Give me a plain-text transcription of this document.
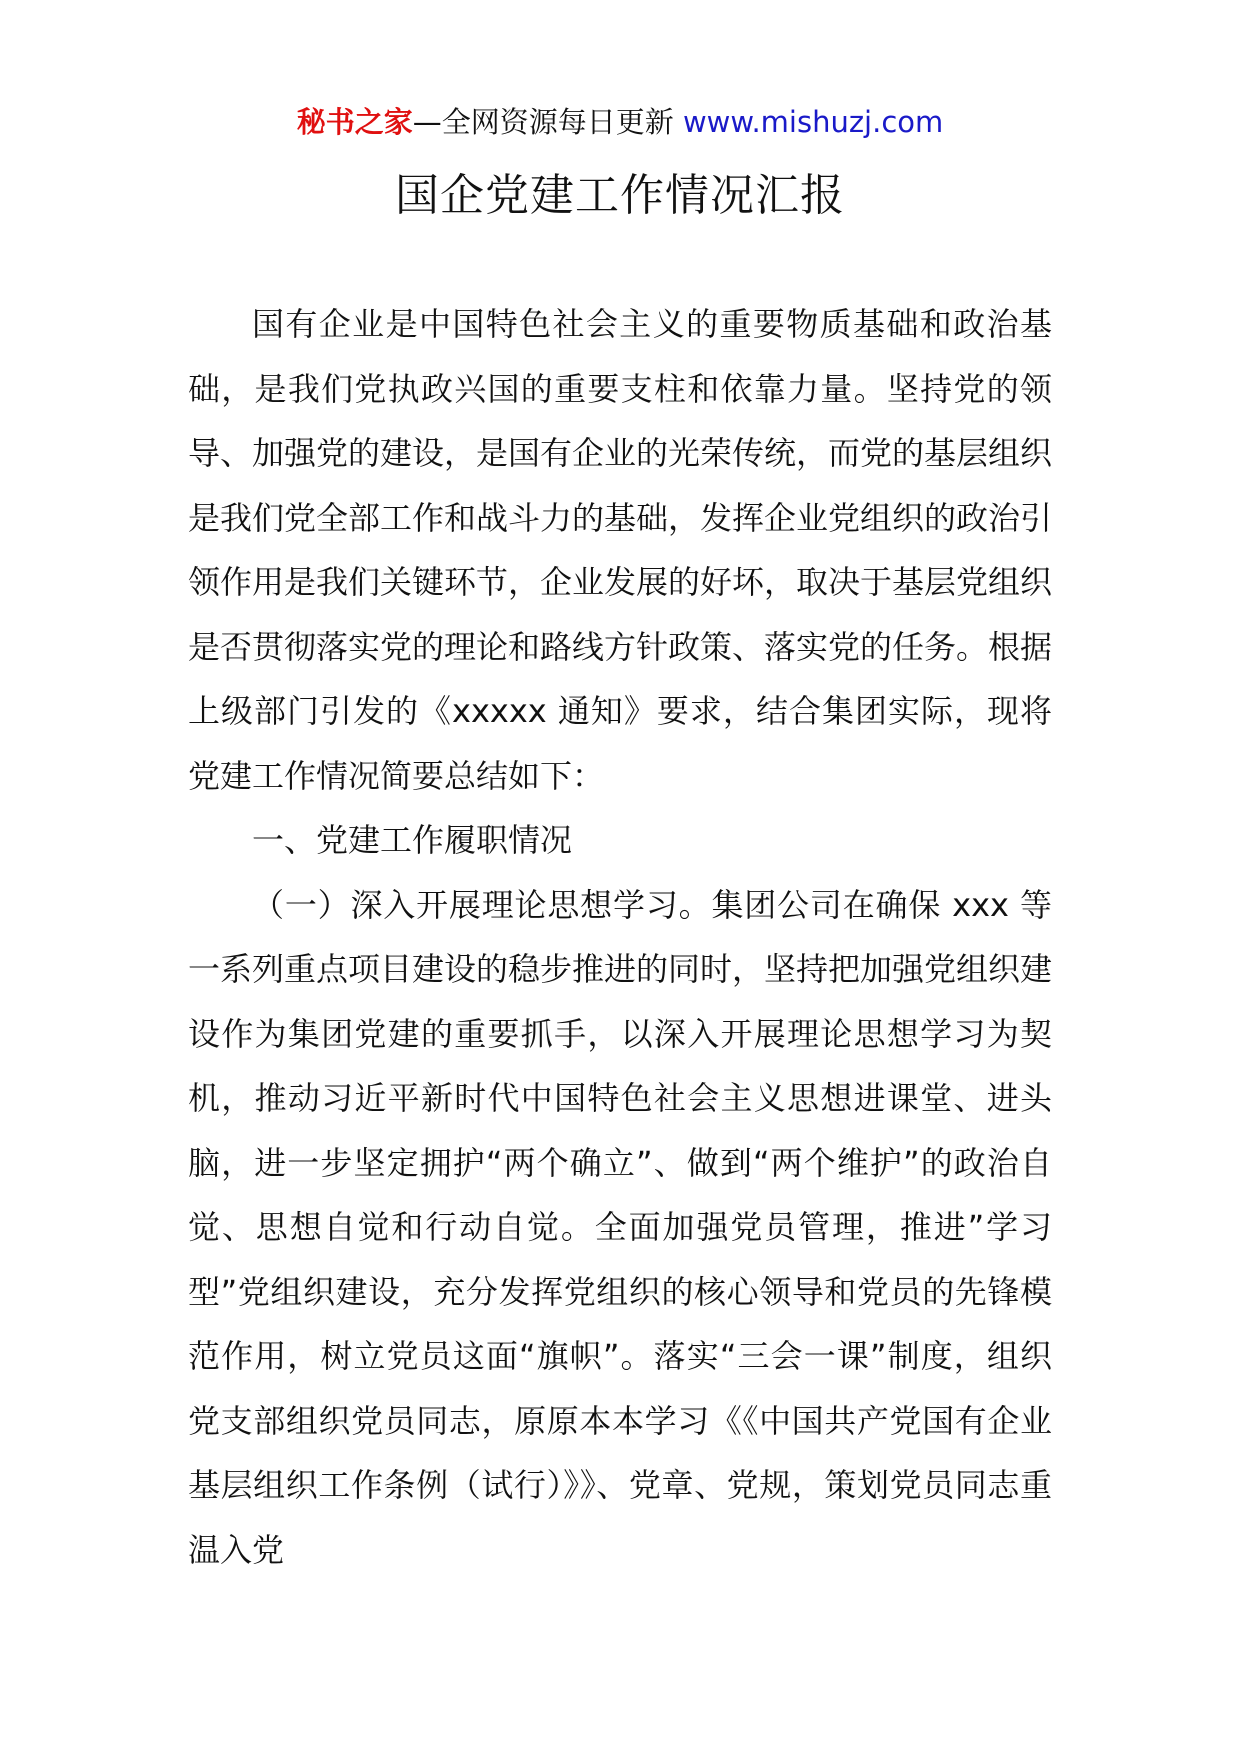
秘书之家—全网资源每日更新 www.mishuzj.com
国企党建工作情况汇报

国有企业是中国特色社会主义的重要物质基础和政治基础，是我们党执政兴国的重要支柱和依靠力量。坚持党的领导、加强党的建设，是国有企业的光荣传统，而党的基层组织是我们党全部工作和战斗力的基础，发挥企业党组织的政治引领作用是我们关键环节，企业发展的好坏，取决于基层党组织是否贯彻落实党的理论和路线方针政策、落实党的任务。根据上级部门引发的《xxxxx 通知》要求，结合集团实际，现将党建工作情况简要总结如下：

一、党建工作履职情况

（一）深入开展理论思想学习。集团公司在确保 xxx 等一系列重点项目建设的稳步推进的同时，坚持把加强党组织建设作为集团党建的重要抓手，以深入开展理论思想学习为契机，推动习近平新时代中国特色社会主义思想进课堂、进头脑，进一步坚定拥护“两个确立”、做到“两个维护”的政治自觉、思想自觉和行动自觉。全面加强党员管理，推进”学习型”党组织建设，充分发挥党组织的核心领导和党员的先锋模范作用，树立党员这面“旗帜”。落实“三会一课”制度，组织党支部组织党员同志，原原本本学习《《中国共产党国有企业基层组织工作条例（试行）》》、党章、党规，策划党员同志重温入党
